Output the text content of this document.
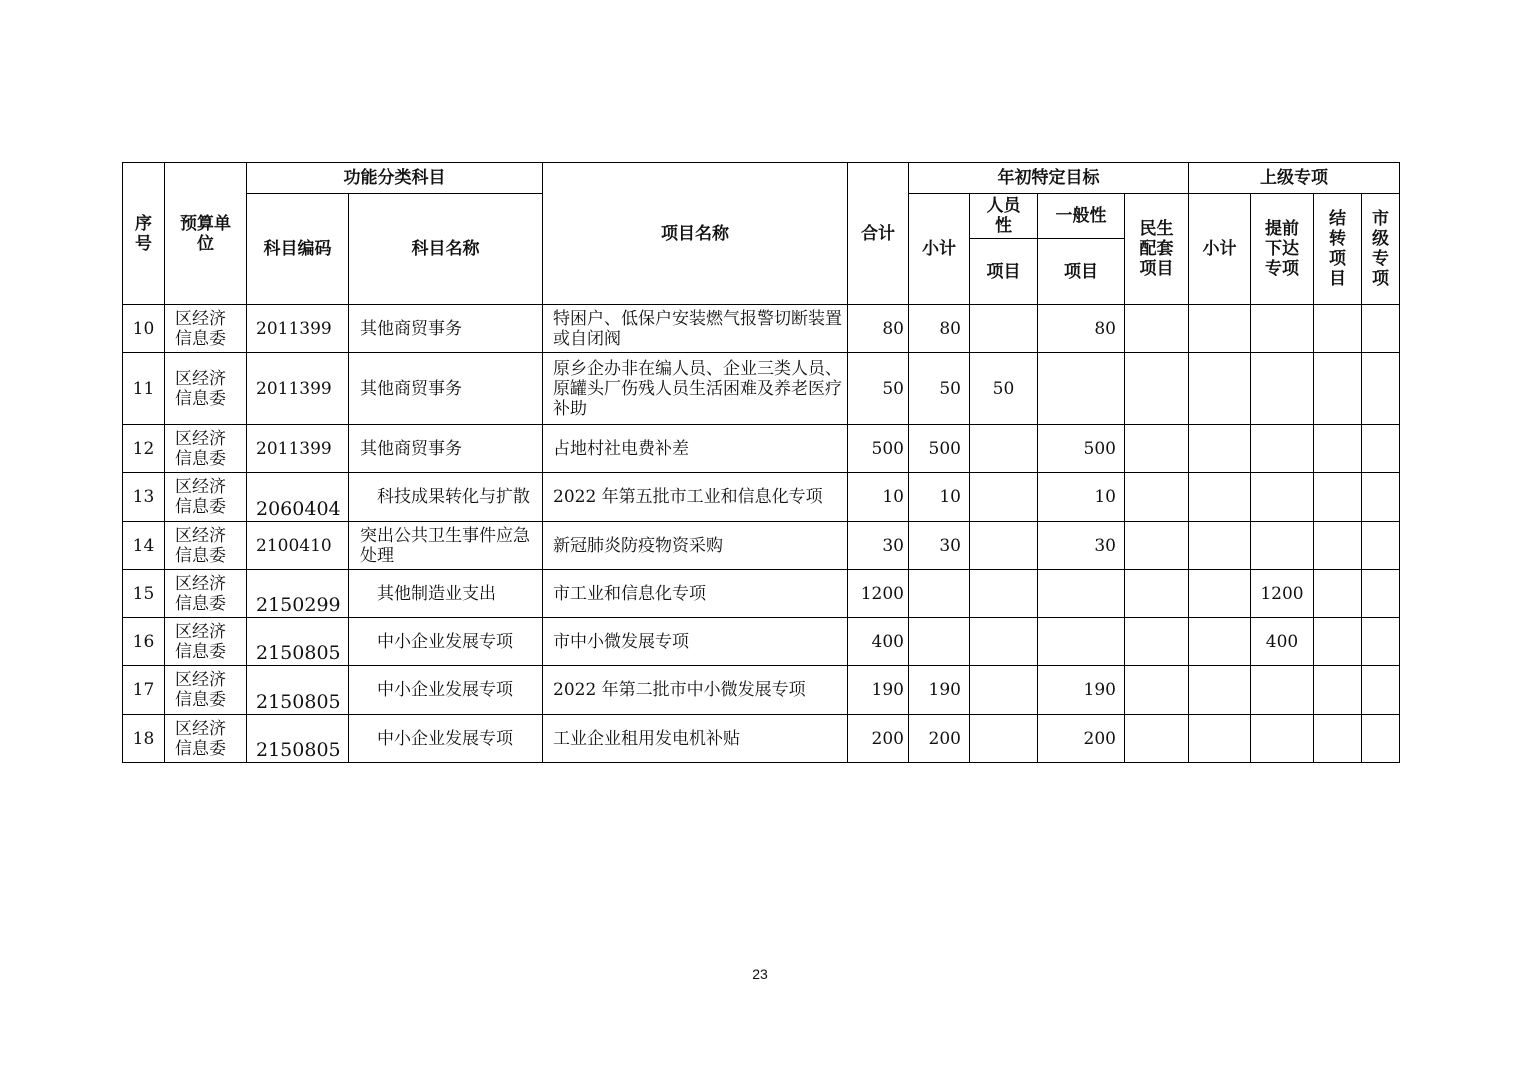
序号	预算单位	功能分类科目		项目名称	合计	年初特定目标				上级专项			
		科目编码	科目名称			小计	人员性	一般性	民生配套项目	小计	提前下达专项	结转项目	市级专项
							项目	项目					

10	区经济信息委	2011399	其他商贸事务	特困户、低保户安装燃气报警切断装置或自闭阀	80	80		80					
11	区经济信息委	2011399	其他商贸事务	原乡企办非在编人员、企业三类人员、原罐头厂伤残人员生活困难及养老医疗补助	50	50	50						
12	区经济信息委	2011399	其他商贸事务	占地村社电费补差	500	500		500					
13	区经济信息委	2060404	科技成果转化与扩散	2022 年第五批市工业和信息化专项	10	10		10					
14	区经济信息委	2100410	突出公共卫生事件应急处理	新冠肺炎防疫物资采购	30	30		30					
15	区经济信息委	2150299	其他制造业支出	市工业和信息化专项	1200						1200		
16	区经济信息委	2150805	中小企业发展专项	市中小微发展专项	400						400		
17	区经济信息委	2150805	中小企业发展专项	2022 年第二批市中小微发展专项	190	190		190					
18	区经济信息委	2150805	中小企业发展专项	工业企业租用发电机补贴	200	200		200					
23
